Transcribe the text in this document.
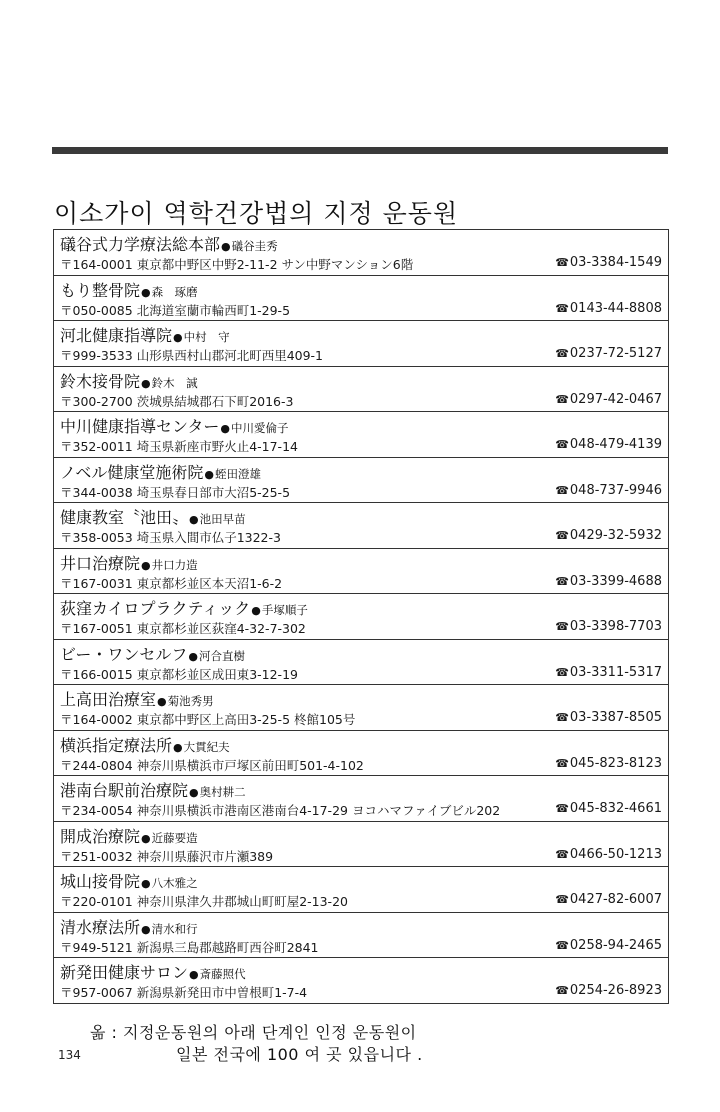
이소가이 역학건강법의 지정 운동원
礒谷式力学療法総本部●礒谷圭秀
〒164-0001 東京都中野区中野2-11-2 サン中野マンション6階	☎03-3384-1549
もり整骨院●森　琢磨
〒050-0085 北海道室蘭市輪西町1-29-5	☎0143-44-8808
河北健康指導院●中村　守
〒999-3533 山形県西村山郡河北町西里409-1	☎0237-72-5127
鈴木接骨院●鈴木　誠
〒300-2700 茨城県結城郡石下町2016-3	☎0297-42-0467
中川健康指導センター●中川愛倫子
〒352-0011 埼玉県新座市野火止4-17-14	☎048-479-4139
ノベル健康堂施術院●蛭田澄雄
〒344-0038 埼玉県春日部市大沼5-25-5	☎048-737-9946
健康教室〝池田〟●池田早苗
〒358-0053 埼玉県入間市仏子1322-3	☎0429-32-5932
井口治療院●井口力造
〒167-0031 東京都杉並区本天沼1-6-2	☎03-3399-4688
荻窪カイロプラクティック●手塚順子
〒167-0051 東京都杉並区荻窪4-32-7-302	☎03-3398-7703
ビー・ワンセルフ●河合直樹
〒166-0015 東京都杉並区成田東3-12-19	☎03-3311-5317
上高田治療室●菊池秀男
〒164-0002 東京都中野区上高田3-25-5 柊館105号	☎03-3387-8505
横浜指定療法所●大貫紀夫
〒244-0804 神奈川県横浜市戸塚区前田町501-4-102	☎045-823-8123
港南台駅前治療院●奥村耕二
〒234-0054 神奈川県横浜市港南区港南台4-17-29 ヨコハマファイブビル202	☎045-832-4661
開成治療院●近藤要造
〒251-0032 神奈川県藤沢市片瀬389	☎0466-50-1213
城山接骨院●八木雅之
〒220-0101 神奈川県津久井郡城山町町屋2-13-20	☎0427-82-6007
清水療法所●清水和行
〒949-5121 新潟県三島郡越路町西谷町2841	☎0258-94-2465
新発田健康サロン●斎藤照代
〒957-0067 新潟県新発田市中曽根町1-7-4	☎0254-26-8923
옮 : 지정운동원의 아래 단계인 인정 운동원이
일본 전국에 100 여 곳 있읍니다 .
134
